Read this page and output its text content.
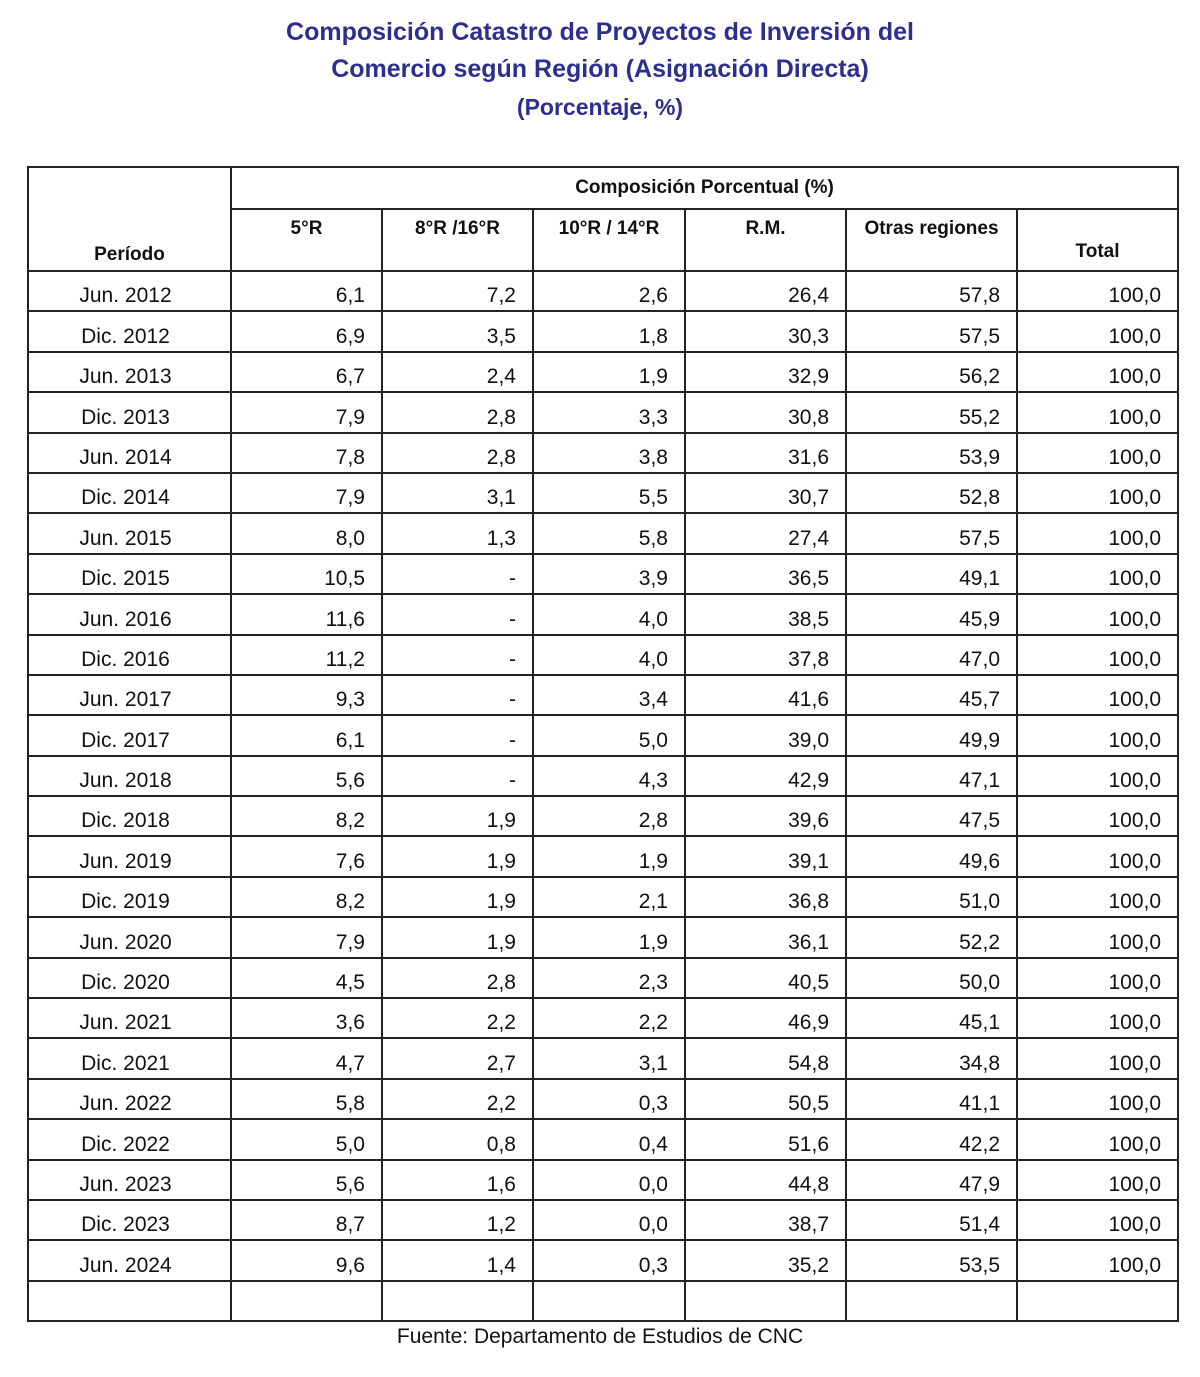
Composición Catastro de Proyectos de Inversión del
Comercio según Región (Asignación Directa)
(Porcentaje, %)
Período	Composición Porcentual (%)					
	5°R	8°R /16°R	10°R / 14°R	R.M.	Otras regiones	Total
Jun. 2012	6,1	7,2	2,6	26,4	57,8	100,0
Dic. 2012	6,9	3,5	1,8	30,3	57,5	100,0
Jun. 2013	6,7	2,4	1,9	32,9	56,2	100,0
Dic. 2013	7,9	2,8	3,3	30,8	55,2	100,0
Jun. 2014	7,8	2,8	3,8	31,6	53,9	100,0
Dic. 2014	7,9	3,1	5,5	30,7	52,8	100,0
Jun. 2015	8,0	1,3	5,8	27,4	57,5	100,0
Dic. 2015	10,5	-	3,9	36,5	49,1	100,0
Jun. 2016	11,6	-	4,0	38,5	45,9	100,0
Dic. 2016	11,2	-	4,0	37,8	47,0	100,0
Jun. 2017	9,3	-	3,4	41,6	45,7	100,0
Dic. 2017	6,1	-	5,0	39,0	49,9	100,0
Jun. 2018	5,6	-	4,3	42,9	47,1	100,0
Dic. 2018	8,2	1,9	2,8	39,6	47,5	100,0
Jun. 2019	7,6	1,9	1,9	39,1	49,6	100,0
Dic. 2019	8,2	1,9	2,1	36,8	51,0	100,0
Jun. 2020	7,9	1,9	1,9	36,1	52,2	100,0
Dic. 2020	4,5	2,8	2,3	40,5	50,0	100,0
Jun. 2021	3,6	2,2	2,2	46,9	45,1	100,0
Dic. 2021	4,7	2,7	3,1	54,8	34,8	100,0
Jun. 2022	5,8	2,2	0,3	50,5	41,1	100,0
Dic. 2022	5,0	0,8	0,4	51,6	42,2	100,0
Jun. 2023	5,6	1,6	0,0	44,8	47,9	100,0
Dic. 2023	8,7	1,2	0,0	38,7	51,4	100,0
Jun. 2024	9,6	1,4	0,3	35,2	53,5	100,0

Fuente: Departamento de Estudios de CNC
